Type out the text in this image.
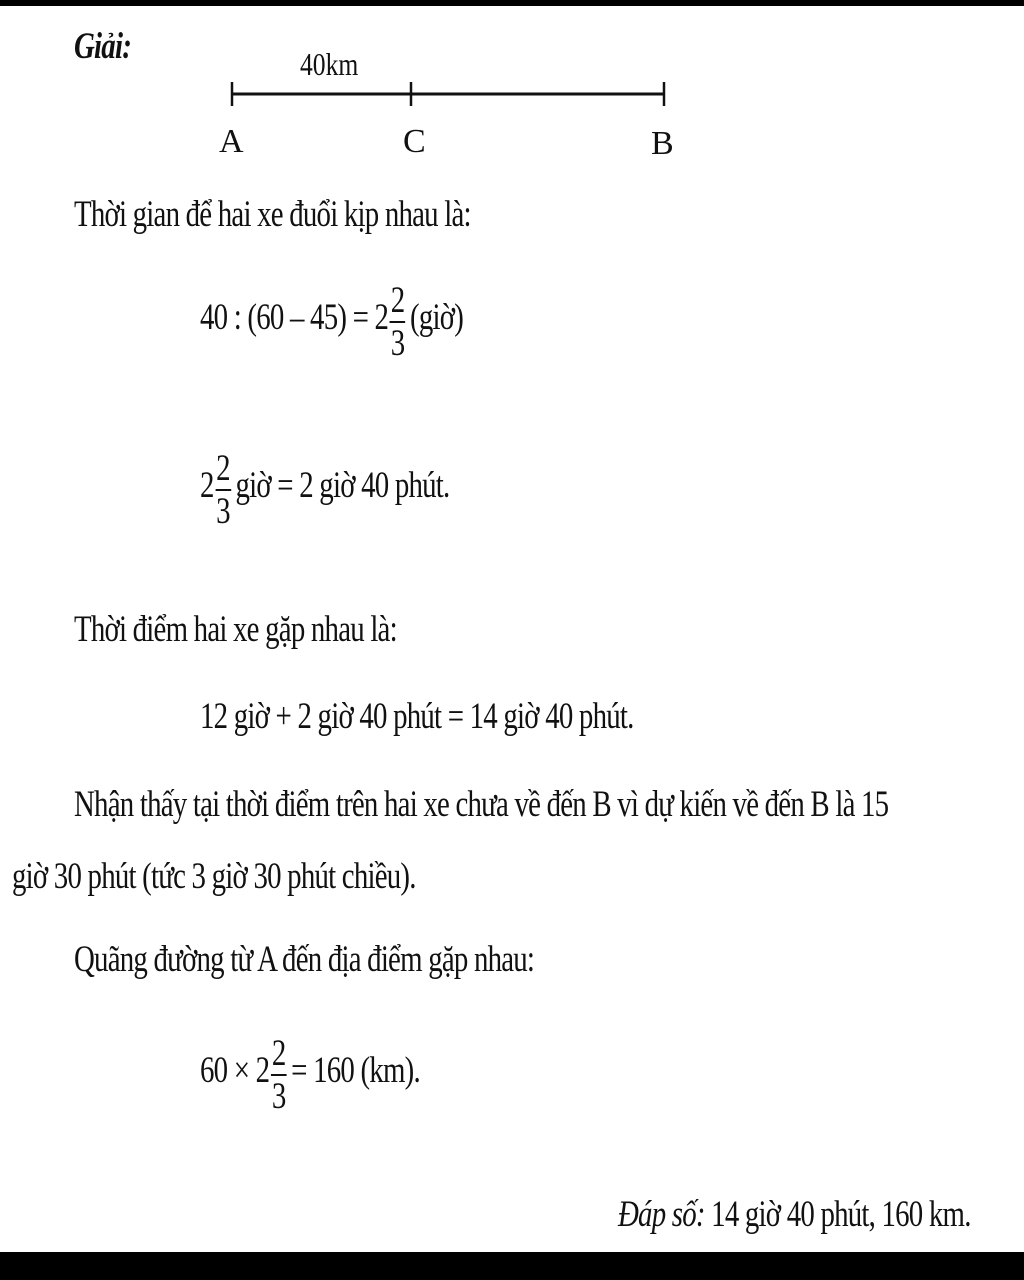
Giải:	40km
A	C	B
Thời gian để hai xe đuổi kịp nhau là:
40 : $(60 - 45) = 2 \frac{2}{3}$ (giờ)
$2 \frac{2}{3}$ giờ = 2 giờ 40 phút.
Thời điểm hai xe gặp nhau là:
12 giờ + 2 giờ 40 phút = 14 giờ 40 phút.
Nhận thấy tại thời điểm trên hai xe chưa về đến B vì dự kiến về đến B là 15
giờ 30 phút (tức 3 giờ 30 phút chiều).
Quãng đường từ A đến địa điểm gặp nhau:
$60 \times 2 \frac{2}{3} = 160$ (km).
Đáp số: 14 giờ 40 phút, 160 km.
